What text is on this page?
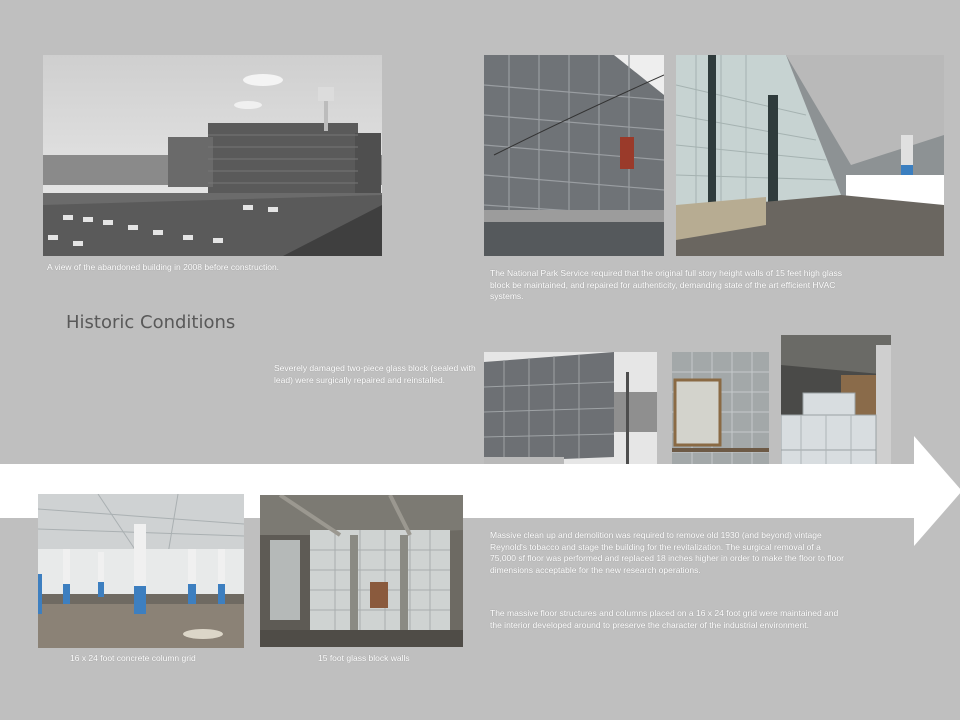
A view of the abandoned building in 2008 before construction.
The National Park Service required that the original full story height walls of 15 feet high glass block be maintained, and repaired for authenticity, demanding state of the art efficient HVAC systems.
Historic Conditions
Severely damaged two-piece glass block (sealed with lead) were surgically repaired and reinstalled.
16 x 24 foot concrete column grid	15 foot glass block walls
Massive clean up and demolition was required to remove old 1930 (and beyond) vintage Reynold's tobacco and stage the building for the revitalization. The surgical removal of a 75,000 sf floor was performed and replaced 18 inches higher in order to make the floor to floor dimensions acceptable for the new research operations.
The massive floor structures and columns placed on a 16 x 24 foot grid were maintained and the interior developed around to preserve the character of the industrial environment.
